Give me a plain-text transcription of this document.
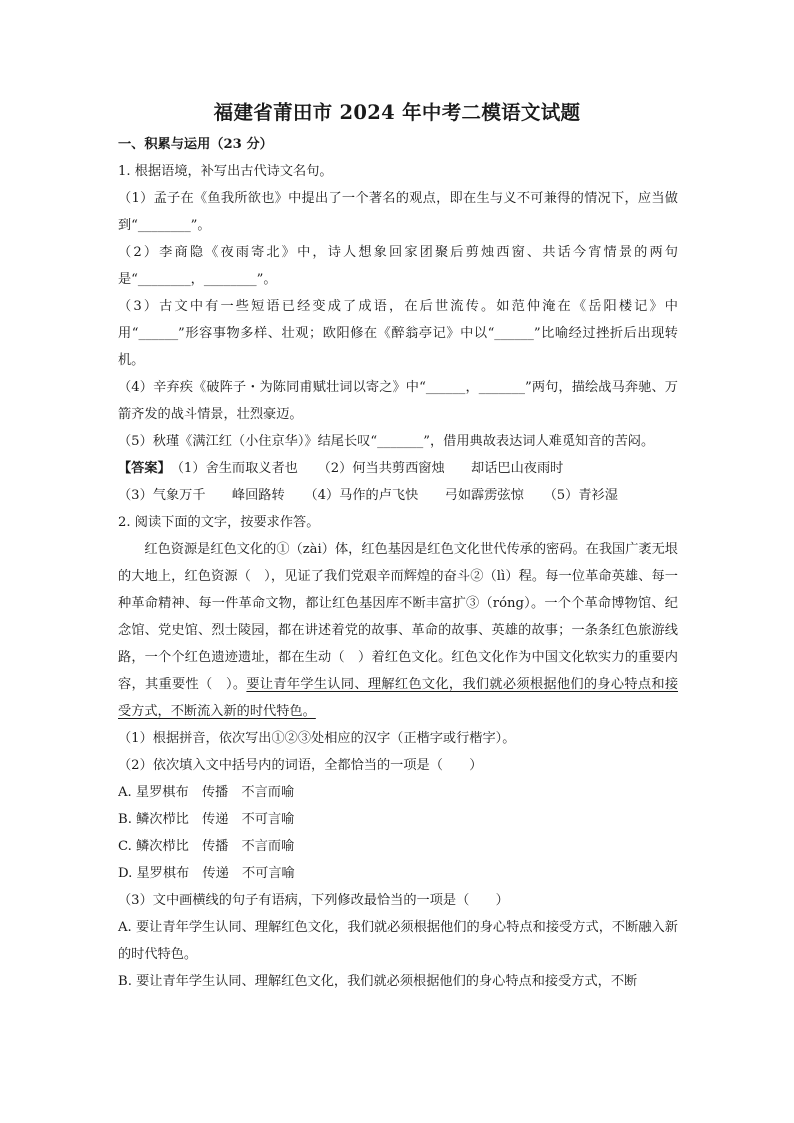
福建省莆田市 2024 年中考二模语文试题
一、积累与运用（23 分）
1. 根据语境，补写出古代诗文名句。
（1）孟子在《鱼我所欲也》中提出了一个著名的观点，即在生与义不可兼得的情况下，应当做到“________”。
（2）李商隐《夜雨寄北》中，诗人想象回家团聚后剪烛西窗、共话今宵情景的两句是“________，________”。
（3）古文中有一些短语已经变成了成语，在后世流传。如范仲淹在《岳阳楼记》中用“______”形容事物多样、壮观；欧阳修在《醉翁亭记》中以“______”比喻经过挫折后出现转机。
（4）辛弃疾《破阵子・为陈同甫赋壮词以寄之》中“______，_______”两句，描绘战马奔驰、万箭齐发的战斗情景，壮烈豪迈。
（5）秋瑾《满江红（小住京华）》结尾长叹“_______”，借用典故表达词人难觅知音的苦闷。
【答案】（1）舍生而取义者也　　（2）何当共剪西窗烛　　却话巴山夜雨时
（3）气象万千　　峰回路转　　（4）马作的卢飞快　　弓如霹雳弦惊　　（5）青衫湿
2. 阅读下面的文字，按要求作答。
红色资源是红色文化的①（zài）体，红色基因是红色文化世代传承的密码。在我国广袤无垠的大地上，红色资源（　），见证了我们党艰辛而辉煌的奋斗②（lì）程。每一位革命英雄、每一种革命精神、每一件革命文物，都让红色基因库不断丰富扩③（róng）。一个个革命博物馆、纪念馆、党史馆、烈士陵园，都在讲述着党的故事、革命的故事、英雄的故事；一条条红色旅游线路，一个个红色遗迹遗址，都在生动（　）着红色文化。红色文化作为中国文化软实力的重要内容，其重要性（　）。要让青年学生认同、理解红色文化，我们就必须根据他们的身心特点和接受方式，不断流入新的时代特色。
（1）根据拼音，依次写出①②③处相应的汉字（正楷字或行楷字）。
（2）依次填入文中括号内的词语，全都恰当的一项是（　　）
A. 星罗棋布　传播　不言而喻
B. 鳞次栉比　传递　不可言喻
C. 鳞次栉比　传播　不言而喻
D. 星罗棋布　传递　不可言喻
（3）文中画横线的句子有语病，下列修改最恰当的一项是（　　）
A. 要让青年学生认同、理解红色文化，我们就必须根据他们的身心特点和接受方式，不断融入新的时代特色。
B. 要让青年学生认同、理解红色文化，我们就必须根据他们的身心特点和接受方式，不断
